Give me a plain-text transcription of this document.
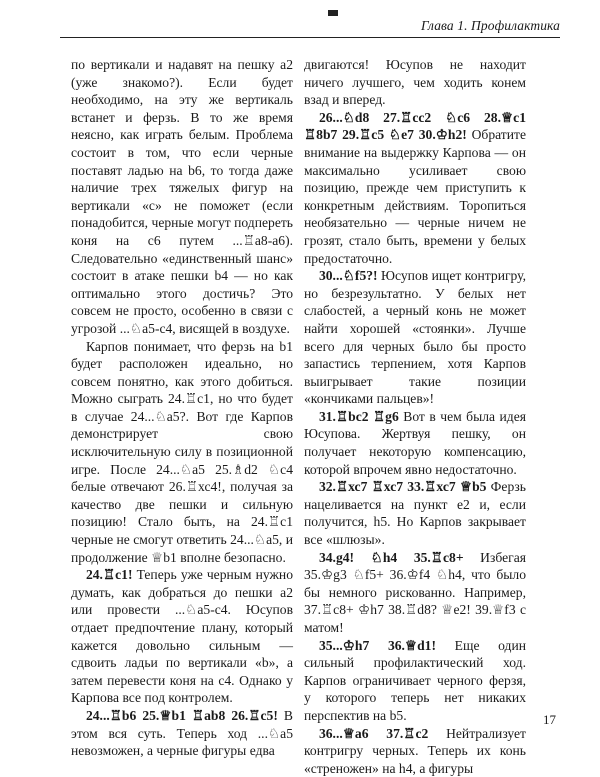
Глава 1. Профилактика

по вертикали и надавят на пешку а2 (уже знакомо?). Если будет необходимо, на эту же вертикаль встанет и ферзь. В то же время неясно, как играть белым. Проблема состоит в том, что если черные поставят ладью на b6, то тогда даже наличие трех тяжелых фигур на вертикали «с» не поможет (если понадобится, черные могут подпереть коня на с6 путем ...♖а8-а6). Следовательно «единственный шанс» состоит в атаке пешки b4 — но как оптимально этого достичь? Это совсем не просто, особенно в связи с угрозой ...♘а5-с4, висящей в воздухе.

Карпов понимает, что ферзь на b1 будет расположен идеально, но совсем понятно, как этого добиться. Можно сыграть 24.♖с1, но что будет в случае 24...♘а5?. Вот где Карпов демонстрирует свою исключительную силу в позиционной игре. После 24...♘а5 25.♗d2 ♘с4 белые отвечают 26.♖хс4!, получая за качество две пешки и сильную позицию! Стало быть, на 24.♖с1 черные не смогут ответить 24...♘а5, и продолжение ♕b1 вполне безопасно.

24.♖с1! Теперь уже черным нужно думать, как добраться до пешки а2 или провести ...♘а5-с4. Юсупов отдает предпочтение плану, который кажется довольно сильным — сдвоить ладьи по вертикали «b», а затем перевести коня на с4. Однако у Карпова все под контролем.

24...♖b6 25.♕b1 ♖ab8 26.♖c5! В этом вся суть. Теперь ход ...♘а5 невозможен, а черные фигуры едва

двигаются! Юсупов не находит ничего лучшего, чем ходить конем взад и вперед.

26...♘d8 27.♖сс2 ♘с6 28.♕с1 ♖8b7 29.♖с5 ♘е7 30.♔h2! Обратите внимание на выдержку Карпова — он максимально усиливает свою позицию, прежде чем приступить к конкретным действиям. Торопиться необязательно — черные ничем не грозят, стало быть, времени у белых предостаточно.

30...♘f5?! Юсупов ищет контригру, но безрезультатно. У белых нет слабостей, а черный конь не может найти хорошей «стоянки». Лучше всего для черных было бы просто запастись терпением, хотя Карпов выигрывает такие позиции «кончиками пальцев»!

31.♖bc2 ♖g6 Вот в чем была идея Юсупова. Жертвуя пешку, он получает некоторую компенсацию, которой впрочем явно недостаточно.

32.♖хс7 ♖хс7 33.♖хс7 ♕b5 Ферзь нацеливается на пункт е2 и, если получится, h5. Но Карпов закрывает все «шлюзы».

34.g4! ♘h4 35.♖с8+ Избегая 35.♔g3 ♘f5+ 36.♔f4 ♘h4, что было бы немного рискованно. Например, 37.♖с8+ ♔h7 38.♖d8? ♕е2! 39.♕f3 с матом!

35...♔h7 36.♕d1! Еще один сильный профилактический ход. Карпов ограничивает черного ферзя, у которого теперь нет никаких перспектив на b5.

36...♕а6 37.♖с2 Нейтрализует контригру черных. Теперь их конь «стреножен» на h4, а фигуры

17
